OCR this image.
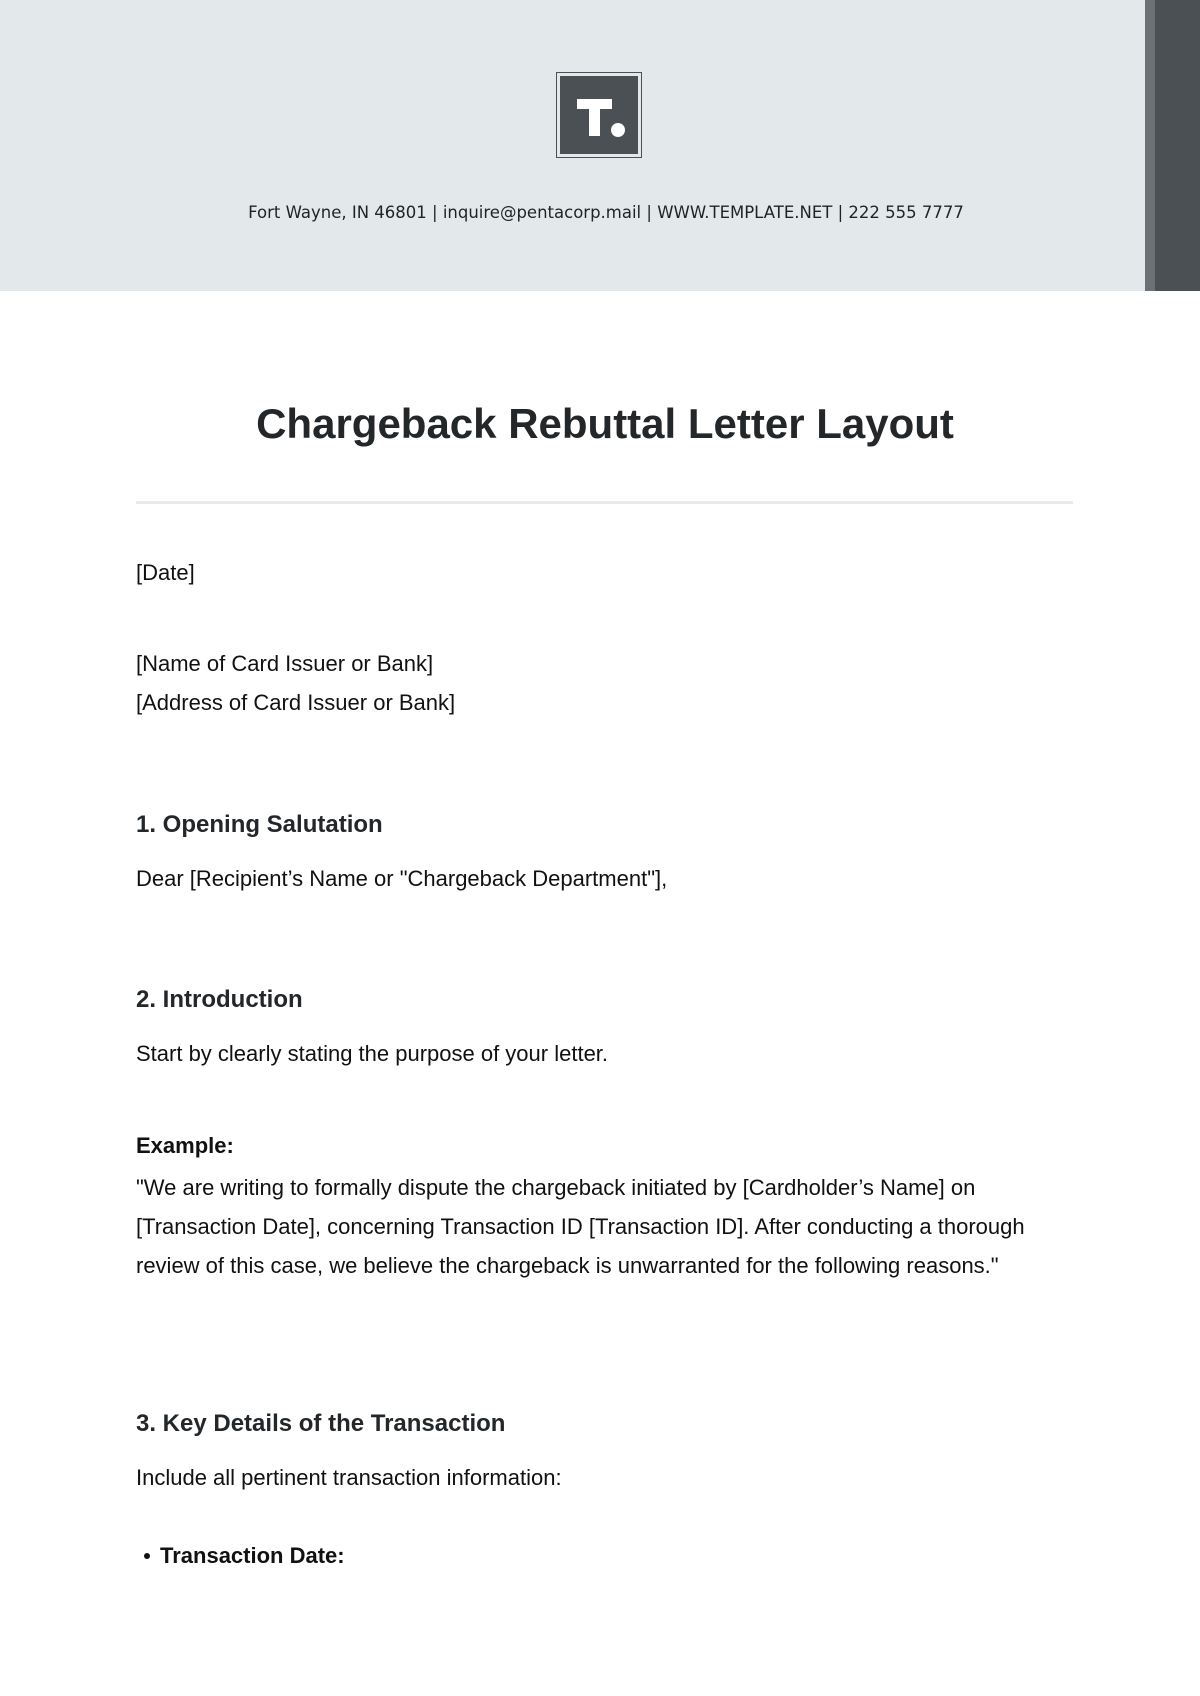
Fort Wayne, IN 46801 | inquire@pentacorp.mail | WWW.TEMPLATE.NET | 222 555 7777
Chargeback Rebuttal Letter Layout
[Date]
[Name of Card Issuer or Bank]
[Address of Card Issuer or Bank]
1. Opening Salutation
Dear [Recipient’s Name or "Chargeback Department"],
2. Introduction
Start by clearly stating the purpose of your letter.
Example:
"We are writing to formally dispute the chargeback initiated by [Cardholder’s Name] on [Transaction Date], concerning Transaction ID [Transaction ID]. After conducting a thorough review of this case, we believe the chargeback is unwarranted for the following reasons."
3. Key Details of the Transaction
Include all pertinent transaction information:
Transaction Date:
